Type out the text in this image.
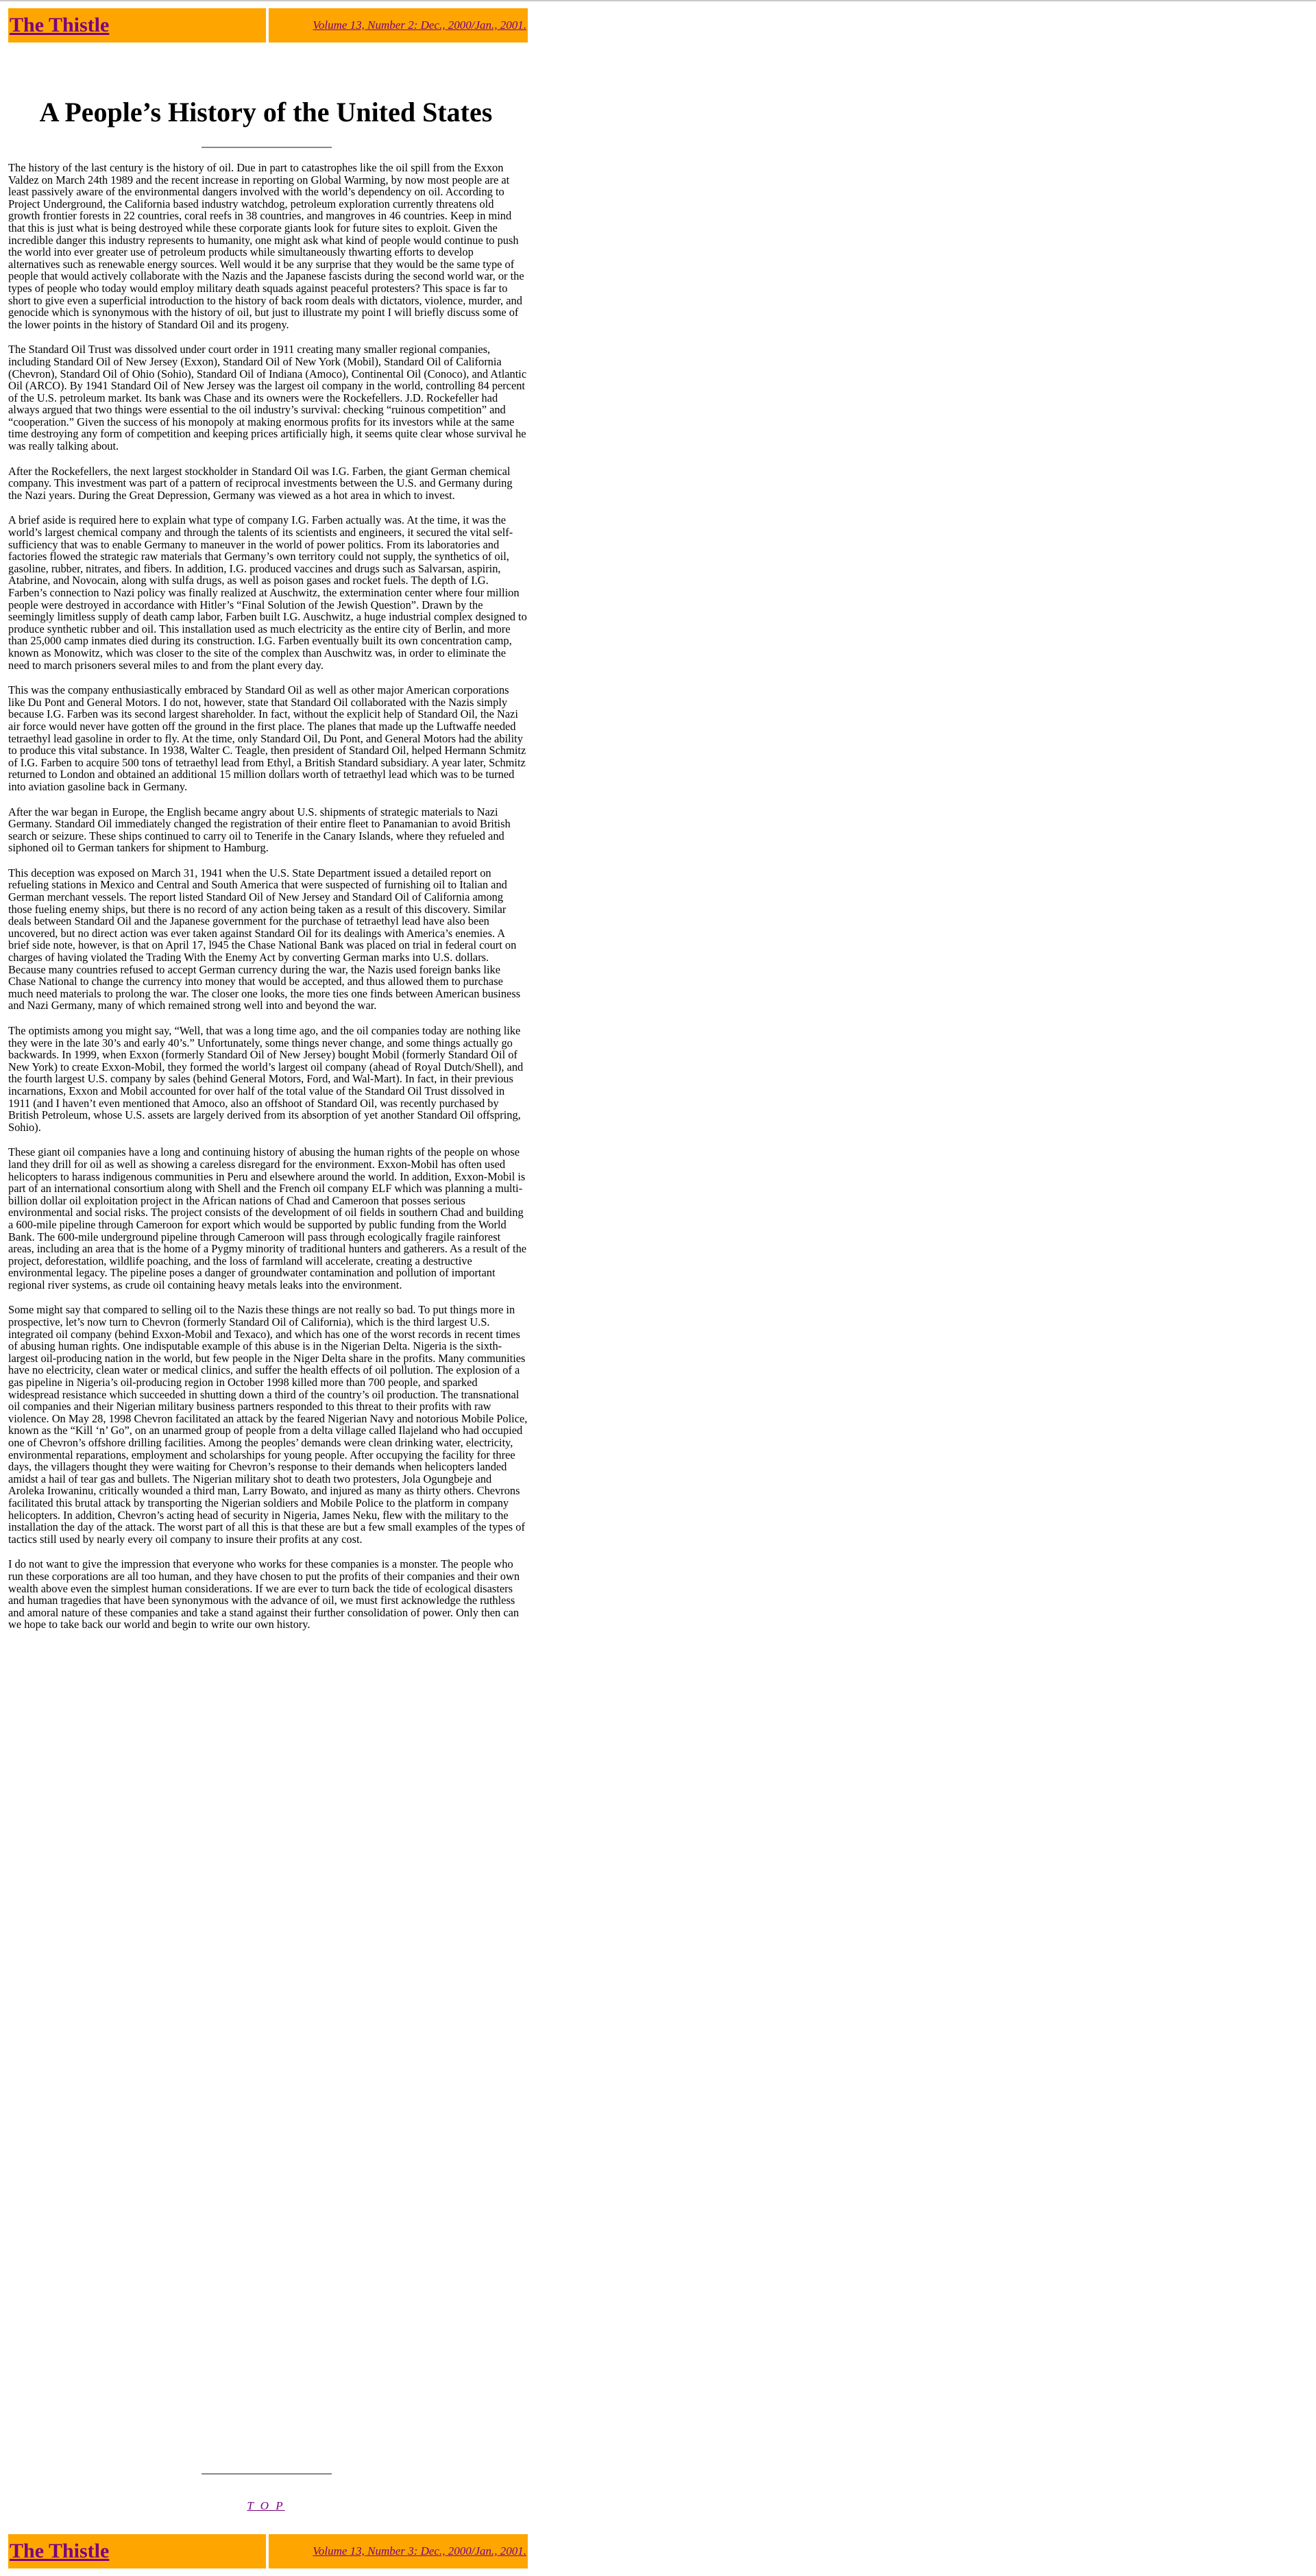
The Thistle	Volume 13, Number 2: Dec., 2000/Jan., 2001.
A People’s History of the United States

The history of the last century is the history of oil. Due in part to catastrophes like the oil spill from the Exxon Valdez on March 24th 1989 and the recent increase in reporting on Global Warming, by now most people are at least passively aware of the environmental dangers involved with the world’s dependency on oil. According to Project Underground, the California based industry watchdog, petroleum exploration currently threatens old growth frontier forests in 22 countries, coral reefs in 38 countries, and mangroves in 46 countries. Keep in mind that this is just what is being destroyed while these corporate giants look for future sites to exploit. Given the incredible danger this industry represents to humanity, one might ask what kind of people would continue to push the world into ever greater use of petroleum products while simultaneously thwarting efforts to develop alternatives such as renewable energy sources. Well would it be any surprise that they would be the same type of people that would actively collaborate with the Nazis and the Japanese fascists during the second world war, or the types of people who today would employ military death squads against peaceful protesters? This space is far to short to give even a superficial introduction to the history of back room deals with dictators, violence, murder, and genocide which is synonymous with the history of oil, but just to illustrate my point I will briefly discuss some of the lower points in the history of Standard Oil and its progeny.

The Standard Oil Trust was dissolved under court order in 1911 creating many smaller regional companies, including Standard Oil of New Jersey (Exxon), Standard Oil of New York (Mobil), Standard Oil of California (Chevron), Standard Oil of Ohio (Sohio), Standard Oil of Indiana (Amoco), Continental Oil (Conoco), and Atlantic Oil (ARCO). By 1941 Standard Oil of New Jersey was the largest oil company in the world, controlling 84 percent of the U.S. petroleum market. Its bank was Chase and its owners were the Rockefellers. J.D. Rockefeller had always argued that two things were essential to the oil industry’s survival: checking “ruinous competition” and “cooperation.” Given the success of his monopoly at making enormous profits for its investors while at the same time destroying any form of competition and keeping prices artificially high, it seems quite clear whose survival he was really talking about.

After the Rockefellers, the next largest stockholder in Standard Oil was I.G. Farben, the giant German chemical company. This investment was part of a pattern of reciprocal investments between the U.S. and Germany during the Nazi years. During the Great Depression, Germany was viewed as a hot area in which to invest.

A brief aside is required here to explain what type of company I.G. Farben actually was. At the time, it was the world’s largest chemical company and through the talents of its scientists and engineers, it secured the vital self-sufficiency that was to enable Germany to maneuver in the world of power politics. From its laboratories and factories flowed the strategic raw materials that Germany’s own territory could not supply, the synthetics of oil, gasoline, rubber, nitrates, and fibers. In addition, I.G. produced vaccines and drugs such as Salvarsan, aspirin, Atabrine, and Novocain, along with sulfa drugs, as well as poison gases and rocket fuels. The depth of I.G. Farben’s connection to Nazi policy was finally realized at Auschwitz, the extermination center where four million people were destroyed in accordance with Hitler’s “Final Solution of the Jewish Question”. Drawn by the seemingly limitless supply of death camp labor, Farben built I.G. Auschwitz, a huge industrial complex designed to produce synthetic rubber and oil. This installation used as much electricity as the entire city of Berlin, and more than 25,000 camp inmates died during its construction. I.G. Farben eventually built its own concentration camp, known as Monowitz, which was closer to the site of the complex than Auschwitz was, in order to eliminate the need to march prisoners several miles to and from the plant every day.

This was the company enthusiastically embraced by Standard Oil as well as other major American corporations like Du Pont and General Motors. I do not, however, state that Standard Oil collaborated with the Nazis simply because I.G. Farben was its second largest shareholder. In fact, without the explicit help of Standard Oil, the Nazi air force would never have gotten off the ground in the first place. The planes that made up the Luftwaffe needed tetraethyl lead gasoline in order to fly. At the time, only Standard Oil, Du Pont, and General Motors had the ability to produce this vital substance. In 1938, Walter C. Teagle, then president of Standard Oil, helped Hermann Schmitz of I.G. Farben to acquire 500 tons of tetraethyl lead from Ethyl, a British Standard subsidiary. A year later, Schmitz returned to London and obtained an additional 15 million dollars worth of tetraethyl lead which was to be turned into aviation gasoline back in Germany.

After the war began in Europe, the English became angry about U.S. shipments of strategic materials to Nazi Germany. Standard Oil immediately changed the registration of their entire fleet to Panamanian to avoid British search or seizure. These ships continued to carry oil to Tenerife in the Canary Islands, where they refueled and siphoned oil to German tankers for shipment to Hamburg.

This deception was exposed on March 31, 1941 when the U.S. State Department issued a detailed report on refueling stations in Mexico and Central and South America that were suspected of furnishing oil to Italian and German merchant vessels. The report listed Standard Oil of New Jersey and Standard Oil of California among those fueling enemy ships, but there is no record of any action being taken as a result of this discovery. Similar deals between Standard Oil and the Japanese government for the purchase of tetraethyl lead have also been uncovered, but no direct action was ever taken against Standard Oil for its dealings with America’s enemies. A brief side note, however, is that on April 17, l945 the Chase National Bank was placed on trial in federal court on charges of having violated the Trading With the Enemy Act by converting German marks into U.S. dollars. Because many countries refused to accept German currency during the war, the Nazis used foreign banks like Chase National to change the currency into money that would be accepted, and thus allowed them to purchase much need materials to prolong the war. The closer one looks, the more ties one finds between American business and Nazi Germany, many of which remained strong well into and beyond the war.

The optimists among you might say, “Well, that was a long time ago, and the oil companies today are nothing like they were in the late 30’s and early 40’s.” Unfortunately, some things never change, and some things actually go backwards. In 1999, when Exxon (formerly Standard Oil of New Jersey) bought Mobil (formerly Standard Oil of New York) to create Exxon-Mobil, they formed the world’s largest oil company (ahead of Royal Dutch/Shell), and the fourth largest U.S. company by sales (behind General Motors, Ford, and Wal-Mart). In fact, in their previous incarnations, Exxon and Mobil accounted for over half of the total value of the Standard Oil Trust dissolved in 1911 (and I haven’t even mentioned that Amoco, also an offshoot of Standard Oil, was recently purchased by British Petroleum, whose U.S. assets are largely derived from its absorption of yet another Standard Oil offspring, Sohio).

These giant oil companies have a long and continuing history of abusing the human rights of the people on whose land they drill for oil as well as showing a careless disregard for the environment. Exxon-Mobil has often used helicopters to harass indigenous communities in Peru and elsewhere around the world. In addition, Exxon-Mobil is part of an international consortium along with Shell and the French oil company ELF which was planning a multi-billion dollar oil exploitation project in the African nations of Chad and Cameroon that posses serious environmental and social risks. The project consists of the development of oil fields in southern Chad and building a 600-mile pipeline through Cameroon for export which would be supported by public funding from the World Bank. The 600-mile underground pipeline through Cameroon will pass through ecologically fragile rainforest areas, including an area that is the home of a Pygmy minority of traditional hunters and gatherers. As a result of the project, deforestation, wildlife poaching, and the loss of farmland will accelerate, creating a destructive environmental legacy. The pipeline poses a danger of groundwater contamination and pollution of important regional river systems, as crude oil containing heavy metals leaks into the environment.

Some might say that compared to selling oil to the Nazis these things are not really so bad. To put things more in prospective, let’s now turn to Chevron (formerly Standard Oil of California), which is the third largest U.S. integrated oil company (behind Exxon-Mobil and Texaco), and which has one of the worst records in recent times of abusing human rights. One indisputable example of this abuse is in the Nigerian Delta. Nigeria is the sixth-largest oil-producing nation in the world, but few people in the Niger Delta share in the profits. Many communities have no electricity, clean water or medical clinics, and suffer the health effects of oil pollution. The explosion of a gas pipeline in Nigeria’s oil-producing region in October 1998 killed more than 700 people, and sparked widespread resistance which succeeded in shutting down a third of the country’s oil production. The transnational oil companies and their Nigerian military business partners responded to this threat to their profits with raw violence. On May 28, 1998 Chevron facilitated an attack by the feared Nigerian Navy and notorious Mobile Police, known as the “Kill ‘n’ Go”, on an unarmed group of people from a delta village called Ilajeland who had occupied one of Chevron’s offshore drilling facilities. Among the peoples’ demands were clean drinking water, electricity, environmental reparations, employment and scholarships for young people. After occupying the facility for three days, the villagers thought they were waiting for Chevron’s response to their demands when helicopters landed amidst a hail of tear gas and bullets. The Nigerian military shot to death two protesters, Jola Ogungbeje and Aroleka Irowaninu, critically wounded a third man, Larry Bowato, and injured as many as thirty others. Chevrons facilitated this brutal attack by transporting the Nigerian soldiers and Mobile Police to the platform in company helicopters. In addition, Chevron’s acting head of security in Nigeria, James Neku, flew with the military to the installation the day of the attack. The worst part of all this is that these are but a few small examples of the types of tactics still used by nearly every oil company to insure their profits at any cost.

I do not want to give the impression that everyone who works for these companies is a monster. The people who run these corporations are all too human, and they have chosen to put the profits of their companies and their own wealth above even the simplest human considerations. If we are ever to turn back the tide of ecological disasters and human tragedies that have been synonymous with the advance of oil, we must first acknowledge the ruthless and amoral nature of these companies and take a stand against their further consolidation of power. Only then can we hope to take back our world and begin to write our own history.

T O P
The Thistle	Volume 13, Number 3: Dec., 2000/Jan., 2001.
